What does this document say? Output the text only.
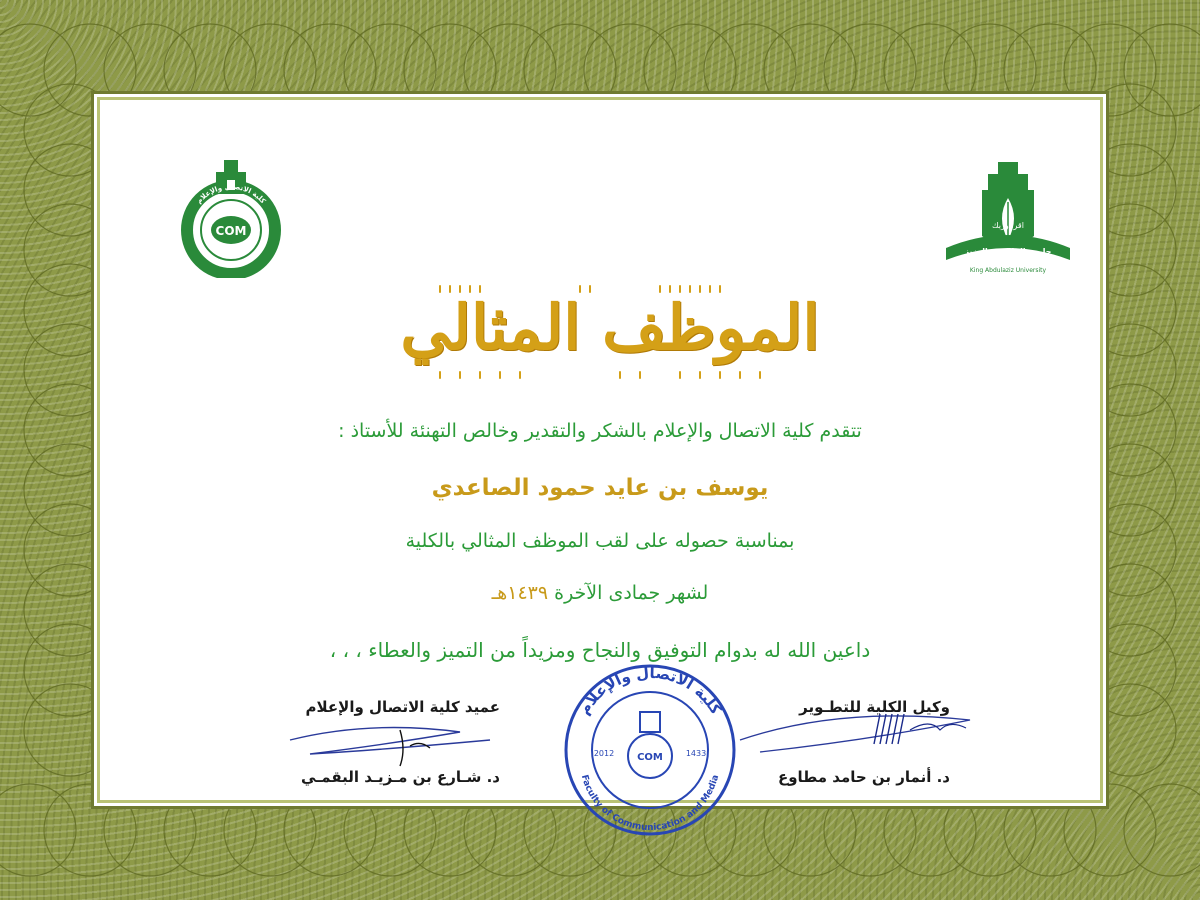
COM
كلية الاتصال والإعلام
ACULTY OF COMMUNICATION AND MEDI
اقرأ وربك
جامعة الملك عبدالعزيز
King Abdulaziz University
الموظف المثالي
تتقدم كلية الاتصال والإعلام بالشكر والتقدير وخالص التهنئة للأستاذ :
يوسف بن عايد حمود الصاعدي
بمناسبة حصوله على لقب الموظف المثالي بالكلية
لشهر جمادى الآخرة ١٤٣٩هـ
داعين الله له بدوام التوفيق والنجاح ومزيداً من التميز والعطاء ، ، ،
عميد كلية الاتصال والإعلام
د. شـارع بن مـزيـد البقمـي
وكيل الكلية للتطـوير
د. أنمار بن حامد مطاوع
COM
كلية الاتصال والإعلام
Faculty of Communication and Media
2012	1433
